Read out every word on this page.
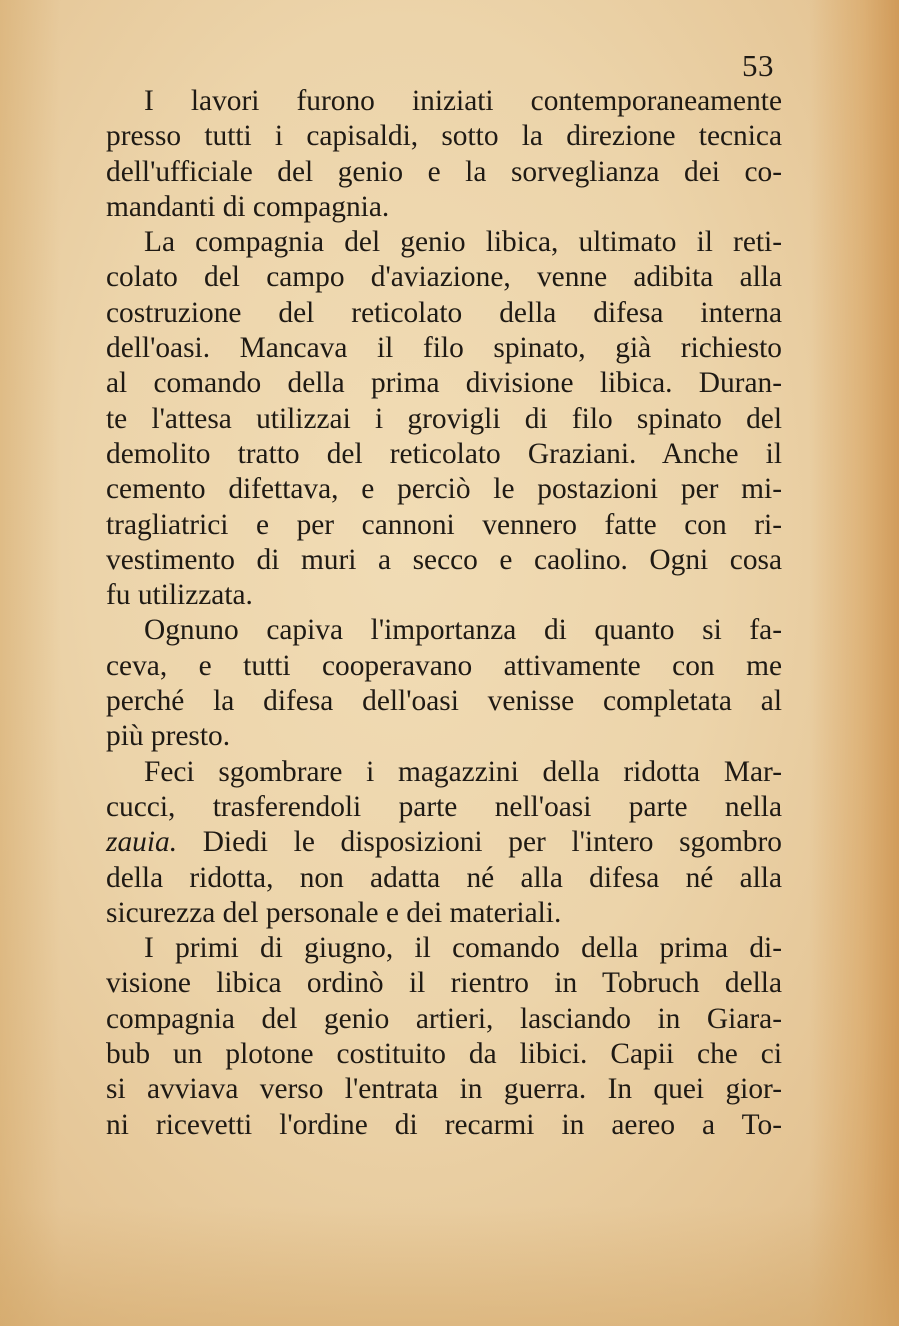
53
I lavori furono iniziati contemporaneamente
presso tutti i capisaldi, sotto la direzione tecnica
dell'ufficiale del genio e la sorveglianza dei co-
mandanti di compagnia.
La compagnia del genio libica, ultimato il reti-
colato del campo d'aviazione, venne adibita alla
costruzione del reticolato della difesa interna
dell'oasi. Mancava il filo spinato, già richiesto
al comando della prima divisione libica. Duran-
te l'attesa utilizzai i grovigli di filo spinato del
demolito tratto del reticolato Graziani. Anche il
cemento difettava, e perciò le postazioni per mi-
tragliatrici e per cannoni vennero fatte con ri-
vestimento di muri a secco e caolino. Ogni cosa
fu utilizzata.
Ognuno capiva l'importanza di quanto si fa-
ceva, e tutti cooperavano attivamente con me
perché la difesa dell'oasi venisse completata al
più presto.
Feci sgombrare i magazzini della ridotta Mar-
cucci, trasferendoli parte nell'oasi parte nella
zauia. Diedi le disposizioni per l'intero sgombro
della ridotta, non adatta né alla difesa né alla
sicurezza del personale e dei materiali.
I primi di giugno, il comando della prima di-
visione libica ordinò il rientro in Tobruch della
compagnia del genio artieri, lasciando in Giara-
bub un plotone costituito da libici. Capii che ci
si avviava verso l'entrata in guerra. In quei gior-
ni ricevetti l'ordine di recarmi in aereo a To-
